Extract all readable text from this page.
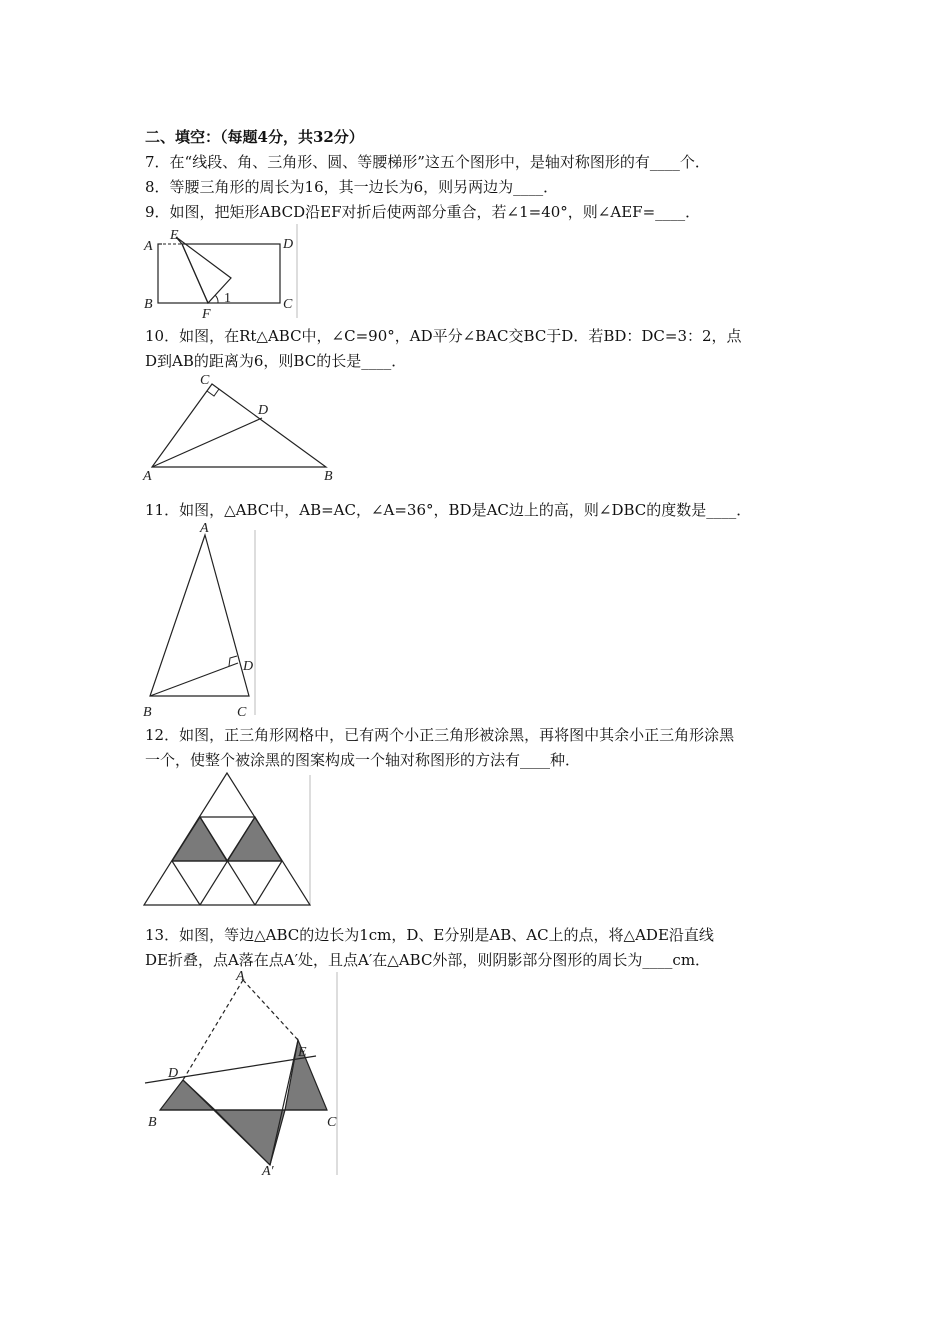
二、填空：（每题4分，共32分）
7．在“线段、角、三角形、圆、等腰梯形”这五个图形中，是轴对称图形的有____个．
8．等腰三角形的周长为16，其一边长为6，则另两边为____．
9．如图，把矩形ABCD沿EF对折后使两部分重合，若∠1=40°，则∠AEF=____．
A
E
D
B	C
F
1
10．如图，在Rt△ABC中，∠C=90°，AD平分∠BAC交BC于D．若BD：DC=3：2，点
D到AB的距离为6，则BC的长是____．
C
D
A	B
11．如图，△ABC中，AB=AC，∠A=36°，BD是AC边上的高，则∠DBC的度数是____．
A
D
B	C
12．如图，正三角形网格中，已有两个小正三角形被涂黑，再将图中其余小正三角形涂黑
一个，使整个被涂黑的图案构成一个轴对称图形的方法有____种．
13．如图，等边△ABC的边长为1cm，D、E分别是AB、AC上的点，将△ADE沿直线
DE折叠，点A落在点A′处，且点A′在△ABC外部，则阴影部分图形的周长为____cm．
A
D
E
B	C
A′
